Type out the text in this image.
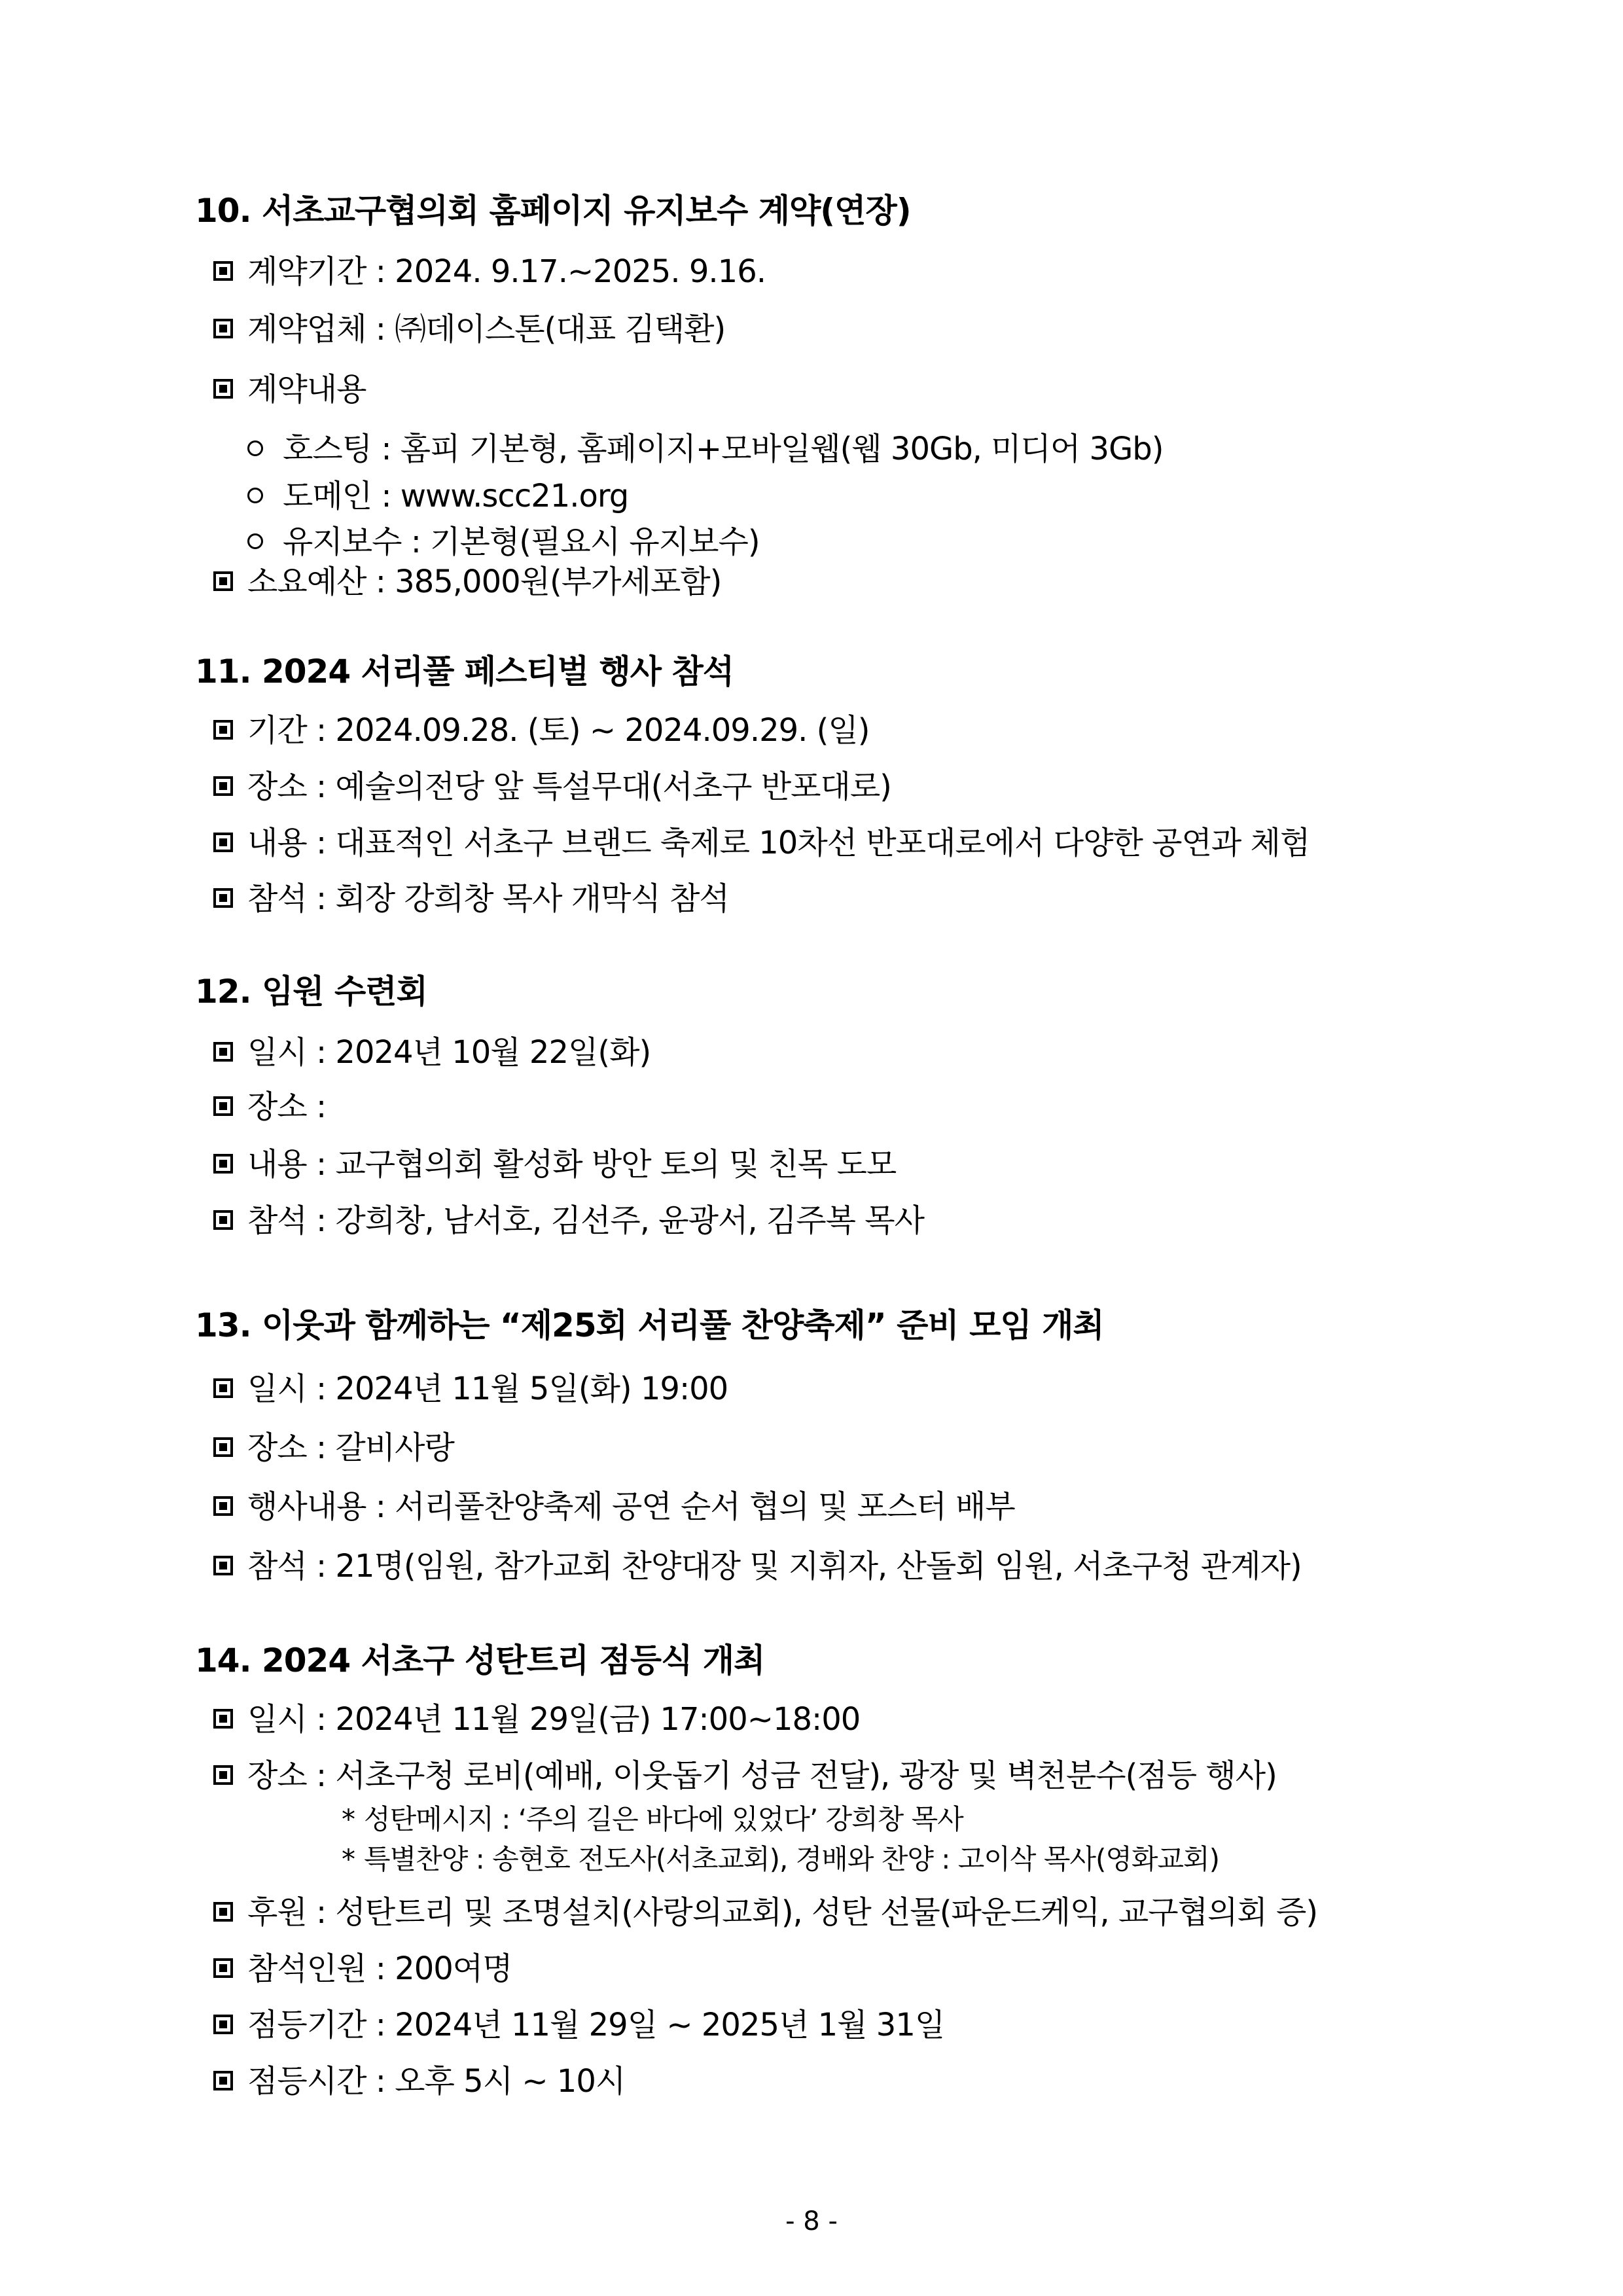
10. 서초교구협의회 홈페이지 유지보수 계약(연장)
계약기간 : 2024. 9.17.~2025. 9.16.
계약업체 : ㈜데이스톤(대표 김택환)
계약내용
호스팅 : 홈피 기본형, 홈페이지+모바일웹(웹 30Gb, 미디어 3Gb)
도메인 : www.scc21.org
유지보수 : 기본형(필요시 유지보수)
소요예산 : 385,000원(부가세포함)
11. 2024 서리풀 페스티벌 행사 참석
기간 : 2024.09.28. (토) ~ 2024.09.29. (일)
장소 : 예술의전당 앞 특설무대(서초구 반포대로)
내용 : 대표적인 서초구 브랜드 축제로 10차선 반포대로에서 다양한 공연과 체험
참석 : 회장 강희창 목사 개막식 참석
12. 임원 수련회
일시 : 2024년 10월 22일(화)
장소 :
내용 : 교구협의회 활성화 방안 토의 및 친목 도모
참석 : 강희창, 남서호, 김선주, 윤광서, 김주복 목사
13. 이웃과 함께하는 “제25회 서리풀 찬양축제” 준비 모임 개최
일시 : 2024년 11월 5일(화) 19:00
장소 : 갈비사랑
행사내용 : 서리풀찬양축제 공연 순서 협의 및 포스터 배부
참석 : 21명(임원, 참가교회 찬양대장 및 지휘자, 산돌회 임원, 서초구청 관계자)
14. 2024 서초구 성탄트리 점등식 개최
일시 : 2024년 11월 29일(금) 17:00~18:00
장소 : 서초구청 로비(예배, 이웃돕기 성금 전달), 광장 및 벽천분수(점등 행사)
* 성탄메시지 : ‘주의 길은 바다에 있었다’ 강희창 목사
* 특별찬양 : 송현호 전도사(서초교회), 경배와 찬양 : 고이삭 목사(영화교회)
후원 : 성탄트리 및 조명설치(사랑의교회), 성탄 선물(파운드케익, 교구협의회 증)
참석인원 : 200여명
점등기간 : 2024년 11월 29일 ~ 2025년 1월 31일
점등시간 : 오후 5시 ~ 10시
- 8 -
